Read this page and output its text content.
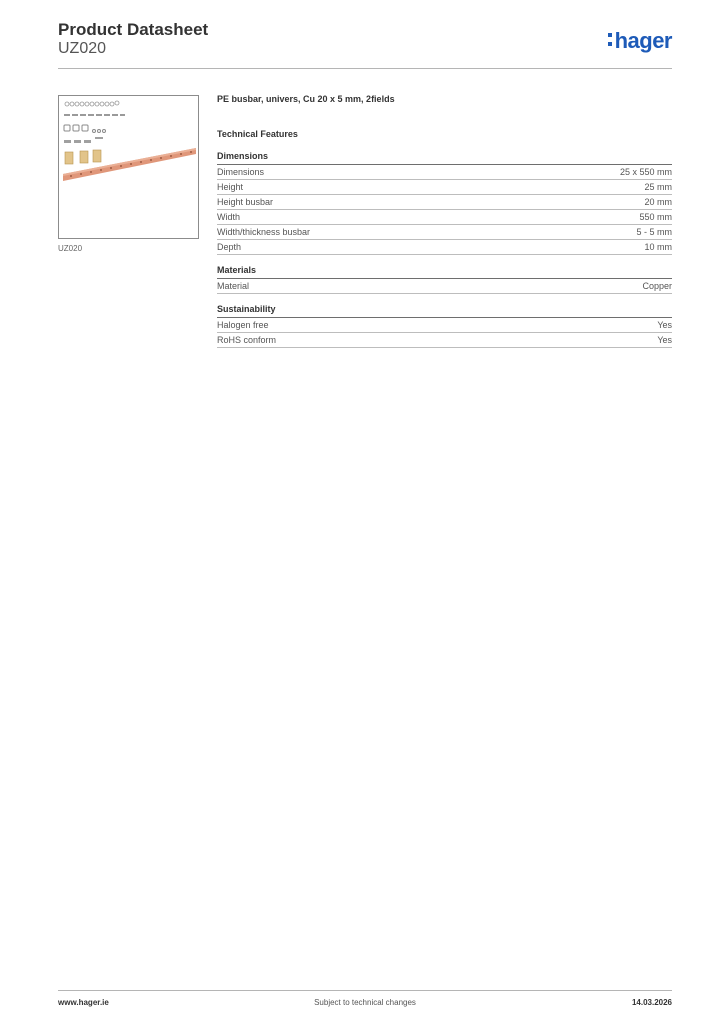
Product Datasheet
UZ020	hager
UZ020
PE busbar, univers, Cu 20 x 5 mm, 2fields
Technical Features
Dimensions
Dimensions	25 x 550 mm
Height	25 mm
Height busbar	20 mm
Width	550 mm
Width/thickness busbar	5 - 5 mm
Depth	10 mm
Materials
Material	Copper
Sustainability
Halogen free	Yes
RoHS conform	Yes
www.hager.ie	Subject to technical changes	14.03.2026
